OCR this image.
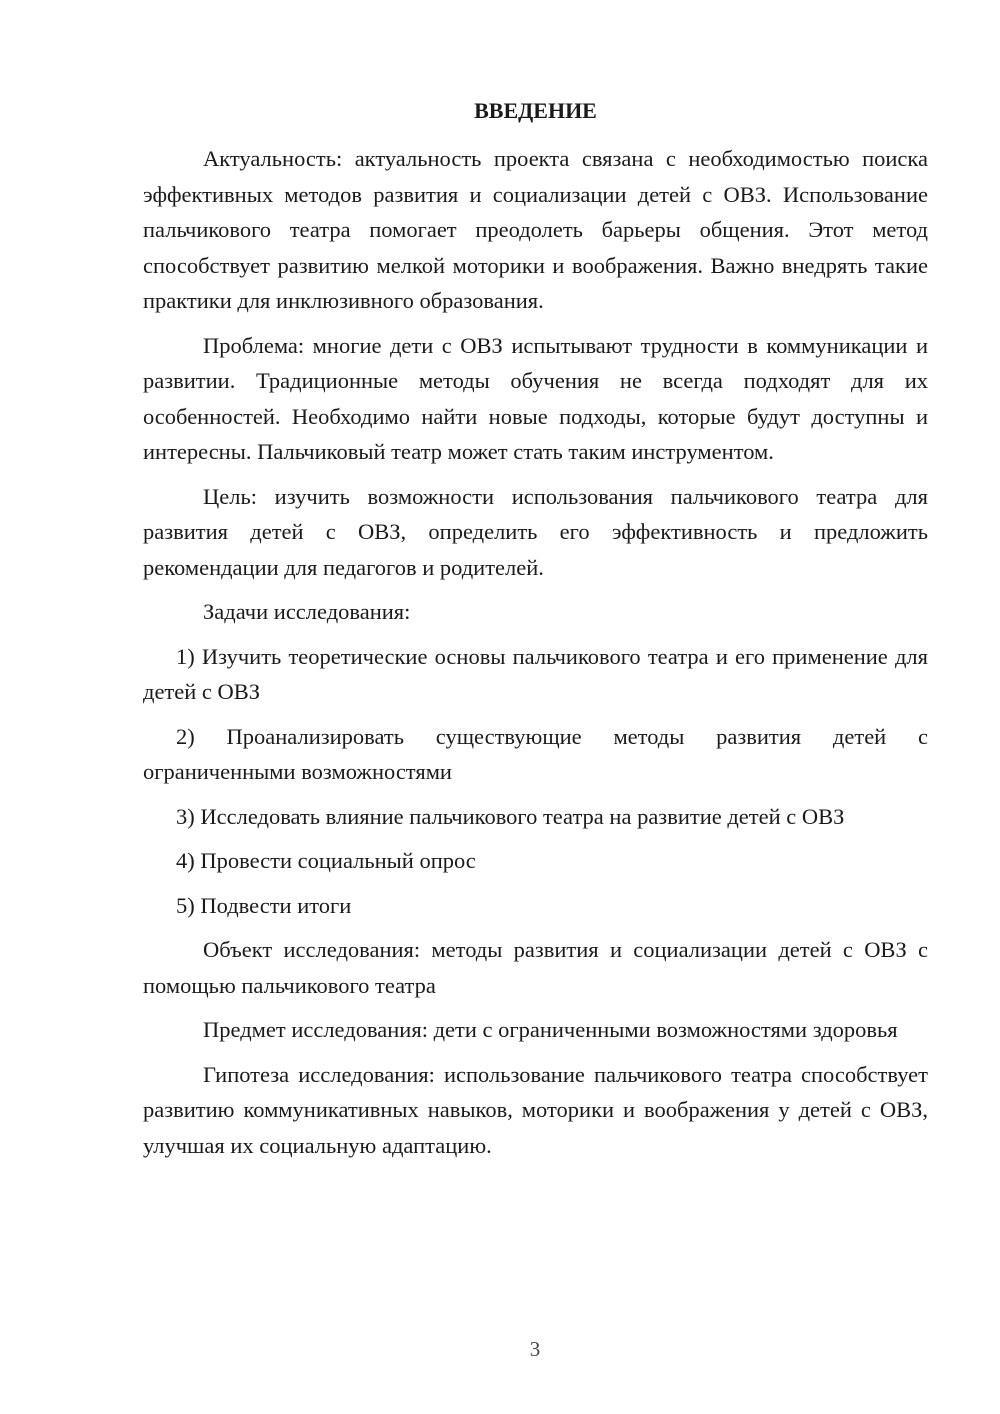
ВВЕДЕНИЕ

Актуальность: актуальность проекта связана с необходимостью поиска эффективных методов развития и социализации детей с ОВЗ. Использование пальчикового театра помогает преодолеть барьеры общения. Этот метод способствует развитию мелкой моторики и воображения. Важно внедрять такие практики для инклюзивного образования.

Проблема: многие дети с ОВЗ испытывают трудности в коммуникации и развитии. Традиционные методы обучения не всегда подходят для их особенностей. Необходимо найти новые подходы, которые будут доступны и интересны. Пальчиковый театр может стать таким инструментом.

Цель: изучить возможности использования пальчикового театра для развития детей с ОВЗ, определить его эффективность и предложить рекомендации для педагогов и родителей.

Задачи исследования:

1) Изучить теоретические основы пальчикового театра и его применение для детей с ОВЗ

2) Проанализировать существующие методы развития детей с ограниченными возможностями

3) Исследовать влияние пальчикового театра на развитие детей с ОВЗ

4) Провести социальный опрос

5) Подвести итоги

Объект исследования: методы развития и социализации детей с ОВЗ с помощью пальчикового театра

Предмет исследования: дети с ограниченными возможностями здоровья

Гипотеза исследования: использование пальчикового театра способствует развитию коммуникативных навыков, моторики и воображения у детей с ОВЗ, улучшая их социальную адаптацию.

3
